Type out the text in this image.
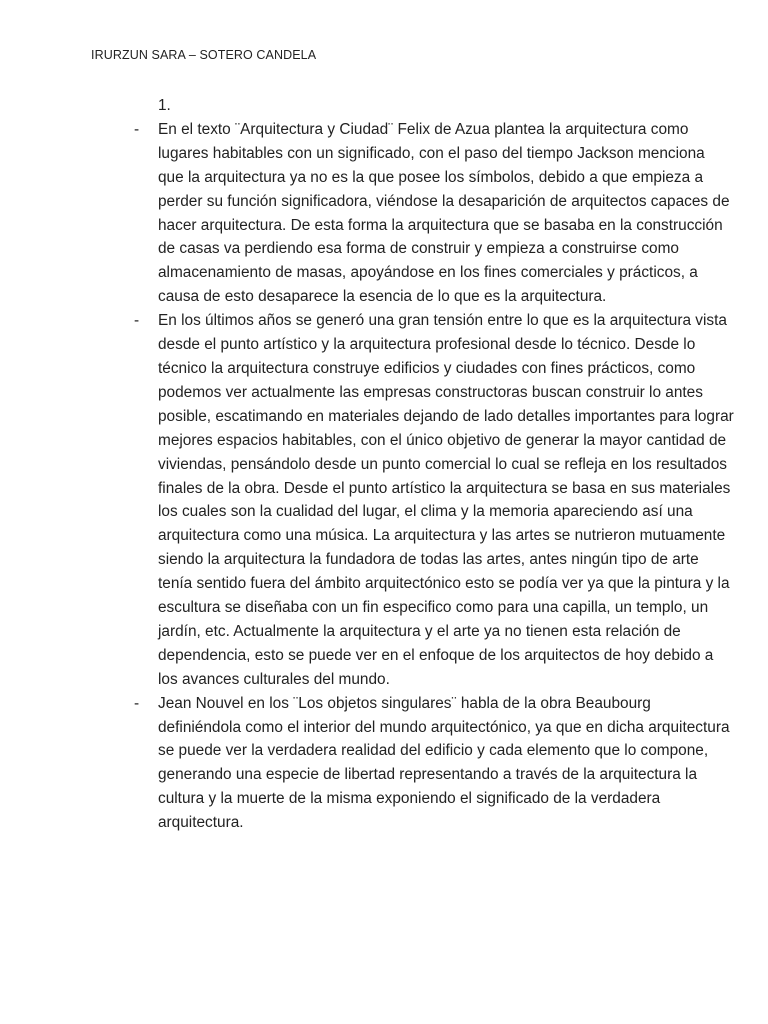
IRURZUN SARA – SOTERO CANDELA
1.
-	En el texto ¨Arquitectura y Ciudad¨ Felix de Azua plantea la arquitectura como lugares habitables con un significado, con el paso del tiempo Jackson menciona que la arquitectura ya no es la que posee los símbolos, debido a que empieza a perder su función significadora, viéndose la desaparición de arquitectos capaces de hacer arquitectura. De esta forma la arquitectura que se basaba en la construcción de casas va perdiendo esa forma de construir y empieza a construirse como almacenamiento de masas, apoyándose en los fines comerciales y prácticos, a causa de esto desaparece la esencia de lo que es la arquitectura.
-	En los últimos años se generó una gran tensión entre lo que es la arquitectura vista desde el punto artístico y la arquitectura profesional desde lo técnico. Desde lo técnico la arquitectura construye edificios y ciudades con fines prácticos, como podemos ver actualmente las empresas constructoras buscan construir lo antes posible, escatimando en materiales dejando de lado detalles importantes para lograr mejores espacios habitables, con el único objetivo de generar la mayor cantidad de viviendas, pensándolo desde un punto comercial lo cual se refleja en los resultados finales de la obra. Desde el punto artístico la arquitectura se basa en sus materiales los cuales son la cualidad del lugar, el clima y la memoria apareciendo así una arquitectura como una música. La arquitectura y las artes se nutrieron mutuamente siendo la arquitectura la fundadora de todas las artes, antes ningún tipo de arte tenía sentido fuera del ámbito arquitectónico esto se podía ver ya que la pintura y la escultura se diseñaba con un fin especifico como para una capilla, un templo, un jardín, etc. Actualmente la arquitectura y el arte ya no tienen esta relación de dependencia, esto se puede ver en el enfoque de los arquitectos de hoy debido a los avances culturales del mundo.
-	Jean Nouvel en los ¨Los objetos singulares¨ habla de la obra Beaubourg definiéndola como el interior del mundo arquitectónico, ya que en dicha arquitectura se puede ver la verdadera realidad del edificio y cada elemento que lo compone, generando una especie de libertad representando a través de la arquitectura la cultura y la muerte de la misma exponiendo el significado de la verdadera arquitectura.
